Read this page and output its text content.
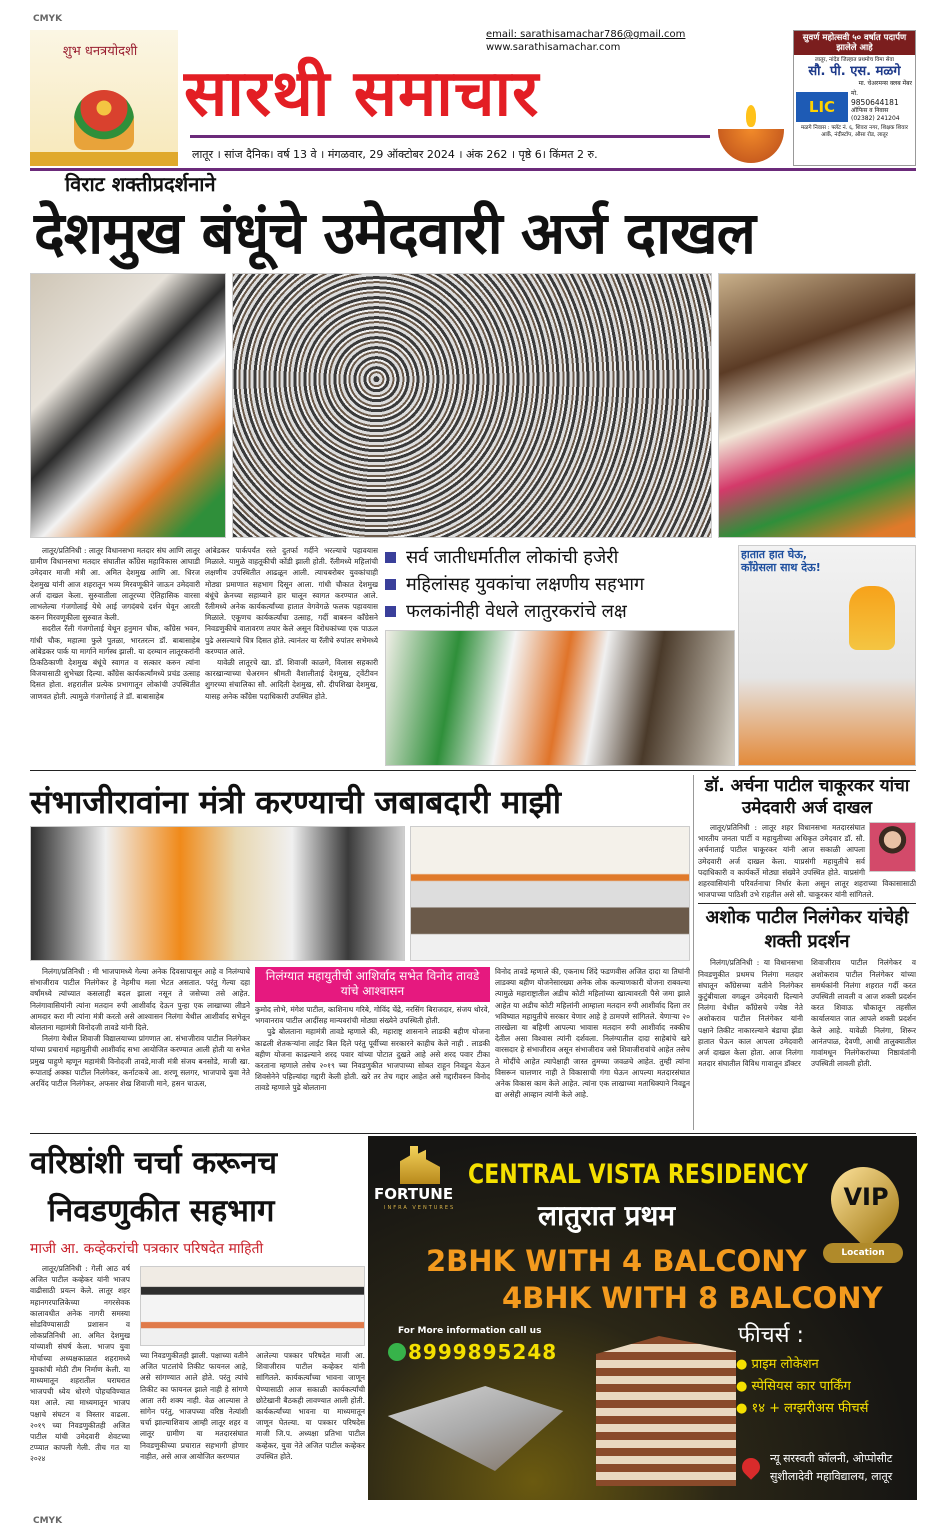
CMYK
CMYK
शुभ धनत्रयोदशी
email: sarathisamachar786@gmail.com
www.sarathisamachar.com
सारथी समाचार
लातूर । सांज दैनिक। वर्ष 13 वे । मंगळवार, 29 ऑक्टोबर 2024 । अंक 262 । पृष्ठे 6। किंमत 2 रु.
सुवर्ण महोत्सवी ५० वर्षात पदार्पण झालेले आहे
लातूर, नांदेड जिल्हात प्रथमोच विमा सेवा
सौ. पी. एस. मळगे
मा. चेअरमन्स क्लब मेंबर
LIC
मो.
9850644181
ऑफिस व निवास
(02382) 241204
मळगे निवास : फ्लॅट नं. ६, शिवरा नगर, शिक्षक शिवार आर्के, नंदीस्टॉप, औसा रोड, लातूर
विराट शक्तीप्रदर्शनाने
देशमुख बंधूंचे उमेदवारी अर्ज दाखल

लातूर/प्रतिनिधी : लातूर विधानसभा मतदार संघ आणि लातूर ग्रामीण विधानसभा मतदार संघातील कॉंग्रेस महाविकास आघाडी उमेदवार माजी मंत्री आ. अमित देशमुख आणि आ. धिरज देशमुख यांनी आज शहरातून भव्य मिरवणूकीने जाऊन उमेदवारी अर्ज दाखल केला. सुरुवातीला लातूरच्या ऐतिहासिक वारसा लाभलेल्या गंजगोलाई येथे आई जगदंबचे दर्शन घेवून आरती करुन मिरवणूकीला सुरुवात केली.

सदरील रॅली गंजगोलाई येथून हनुमान चौक, कॉंग्रेस भवन, गांधी चौक, महात्मा फुले पुतळा, भारतरत्न डॉ. बाबासाहेब आंबेडकर पार्क या मार्गाने मार्गस्थ झाली. या दरम्यान लातूरकरांनी ठिकठिकाणी देशमुख बंधूंचे स्वागत व सत्कार करुन त्यांना विजयासाठी शुभेच्छा दिल्या. कॉंग्रेस कार्यकर्त्यांमध्ये प्रचंड उत्साह दिसत होता. शहरातील प्रत्येक प्रभागातून लोकांची उपस्थितीत जाणवत होती. त्यामुळे गंजगोलाई ते डॉ. बाबासाहेब

आंबेडकर पार्कपर्यंत रस्ते दुतर्फा गर्दीने भरल्याचे पहावयास मिळाले. यामुळे वाहतूकीची कोंडी झाली होती. रॅलीमध्ये महिलांची लक्षणीय उपस्थितीत आढळून आली. त्याचबरोबर युवकांचाही मोठ्या प्रमाणात सहभाग दिसून आला. गांधी चौकात देशमुख बंधूंचे क्रेनच्या सहाय्याने हार घालून स्वागत करण्यात आले. रॅलीमध्ये अनेक कार्यकर्त्यांच्या हातात वेगवेगळे फलक पहावयास मिळाले. एकूणच कार्यकर्त्यांचा उत्साह, गर्दी बाबरुन कॉंग्रेसने निवडणुकीचे वातावरण तयार केले असून विरोधकांच्या एक पाऊल पुढे असल्याचे चित्र दिसत होते. त्यानंतर या रॅलीचे रुपांतर सभेमध्ये करण्यात आले.

यावेळी लातूरचे खा. डॉ. शिवाजी काळगे, विलास सहकारी कारखान्याच्या चेअरमन श्रीमती वैशालीताई देशमुख, ट्वेंटीवन शुगरच्या संचालिका सौ. आदिती देशमुख, सौ. दीपशिखा देशमुख, यासह अनेक कॉंग्रेस पदाधिकारी उपस्थित होते.

सर्व जातीधर्मातील लोकांची हजेरी
महिलांसह युवकांचा लक्षणीय सहभाग
फलकांनीही वेधले लातुरकरांचे लक्ष
हातात हात घेऊ, कॉंग्रेसला साथ देऊ!
संभाजीरावांना मंत्री करण्याची जबाबदारी माझी

निलंगा/प्रतिनिधी : मी भाजपामध्ये गेल्या अनेक दिवसापासून आहे व निलंग्याचे संभाजीराव पाटील निलंगेकर हे नेहमीच मला भेटत असतात. परंतु गेल्या दहा वर्षांमध्ये त्यांच्यात कसलाही बदल झाला नसून ते जसेच्या तसे आहेत. निलंगावासियांनी त्यांना मतदान रुपी आशीर्वाद देऊन पुन्हा एक लाखाच्या लीडने आमदार करा मी त्यांना मंत्री करतो असे आश्वासन निलंगा येथील आशीर्वाद सभेतून बोलताना महामंत्री विनोदजी तावडे यांनी दिले.

निलंगा येथील शिवाजी विद्यालयाच्या प्रांगणात आ. संभाजीराव पाटील निलंगेकर यांच्या प्रचारार्थ महायुतीची आशीर्वाद सभा आयोजित करण्यात आली होती या सभेत प्रमुख पाहुणे म्हणून महामंत्री विनोदजी तावडे,माजी मंत्री संजय बनसोडे, माजी खा. रूपाताई अक्का पाटील निलंगेकर, कर्नाटकचे आ. शरणू सलगर, भाजपाचे युवा नेते अरविंद पाटील निलंगेकर, अफसर शेख शिवाजी माने, हसन चाऊस,

निलंग्यात महायुतीची आशिर्वाद सभेत विनोद तावडे यांचे आश्वासन

कुमोद लोभे, मंगेश पाटील, काशिनाथ गरिबे, गोविंद चेंद्रे, नरसिंग बिराजदार, संजय थोरवे, भगवानराव पाटील आदींसह मान्यवरांची मोठ्या संख्येने उपस्थिती होती.

पुढे बोलताना महामंत्री तावडे म्हणाले की, महाराष्ट्र शासनाने लाडकी बहीण योजना काढली शेतकऱ्यांना लाईट बिल दिले परंतु पूर्वीच्या सरकारने काहीच केले नाही . लाडकी बहीण योजना काढल्याने शरद पवार यांच्या पोटात दुखते आहे असे शरद पवार टीका करताना म्हणाले तसेच २०१९ च्या निवडणुकीत भाजपाच्या सोबत राहून निवडून येऊन शिवसेनेने पहिल्यांदा गद्दारी केली होती. खरे तर तेच गद्दार आहेत असे गद्दारीवरुन विनोद तावडे म्हणाले पुढे बोलताना

विनोद तावडे म्हणाले की, एकनाथ शिंदे फडणवीस अजित दादा या तिघांनी लाडक्या बहीण योजनेसारख्या अनेक लोक कल्याणकारी योजना राबवल्या त्यामुळे महाराष्ट्रातील अडीच कोटी महिलांच्या खात्यावरती पैसे जमा झाले आहेत या अडीच कोटी महिलांनी आम्हाला मतदान रुपी आशीर्वाद दिला तर भविष्यात महायुतीचे सरकार येणार आहे हे ठामपणे सांगितले. येणाऱ्या २० तारखेला या बहिणी आपल्या भावास मतदान रुपी आशीर्वाद नक्कीच देतील असा विश्वास त्यांनी दर्शवला. निलंग्यातील दादा साहेबांचे खरे वारसदार हे संभाजीराव असून संभाजीराव जसे शिवाजीरावांचे आहेत तसेच ते मोदींचे आहेत त्यापेक्षाही जास्त तुमच्या जवळचे आहेत. तुम्ही त्यांना विसरून चालणार नाही ते विकासाची गंगा घेऊन आपल्या मतदारसंघात अनेक विकास काम केले आहेत. त्यांना एक लाखाच्या मताधिक्याने निवडून द्या असेही आव्हान त्यांनी केले आहे.

डॉ. अर्चना पाटील चाकूरकर यांचा उमेदवारी अर्ज दाखल

लातूर/प्रतिनिधी : लातूर शहर विधानसभा मतदारसंघात भारतीय जनता पार्टी व महायुतीच्या अधिकृत उमेदवार डॉ. सौ. अर्चनाताई पाटील चाकूरकर यांनी आज सकाळी आपला उमेदवारी अर्ज दाखल केला. याप्रसंगी महायुतीचे सर्व पदाधिकारी व कार्यकर्ते मोठ्या संख्येने उपस्थित होते. याप्रसंगी शहरवासियांनी परिवर्तनाचा निर्धार केला असून लातूर शहराच्या विकासासाठी भाजपाच्या पाठिशी उभे राहतील असे सौ. चाकूरकर यांनी सांगितले.

अशोक पाटील निलंगेकर यांचेही शक्ती प्रदर्शन

निलंगा/प्रतिनिधी : या विधानसभा निवडणुकीत प्रथमच निलंगा मतदार संघातून कॉंग्रेसच्या वतीने निलंगेकर कुटुंबीयाला वगळून उमेदवारी दिल्याने निलंगा येथील कॉंग्रेसचे ज्येष्ठ नेते अशोकराव पाटील निलंगेकर यांनी पक्षाने तिकीट नाकारल्याने बंडाचा झेंडा हातात घेऊन काल आपला उमेदवारी अर्ज दाखल केला होता. आज निलंगा मतदार संघातील विविध गावातून डॉक्टर

शिवाजीराव पाटील निलंगेकर व अशोकराव पाटील निलंगेकर यांच्या समर्थकांनी निलंगा शहरात गर्दी करत उपस्थिती लावली व आज शक्ती प्रदर्शन करत शिवाऊ चौकातून तहसील कार्यालयात जात आपले शक्ती प्रदर्शन केले आहे. यावेळी निलंगा, शिरूर आनंतपाळ, देवणी, आधी तालुक्यातील गावांमधून निलंगेकरांच्या निष्ठावंतांनी उपस्थिती लावली होती.

वरिष्ठांशी चर्चा करूनच
निवडणुकीत सहभाग
माजी आ. कव्हेकरांची पत्रकार परिषदेत माहिती

लातूर/प्रतिनिधी : गेली आठ वर्ष अजित पाटील कव्हेकर यांनी भाजप वाढीसाठी प्रयत्न केले. लातूर शहर महानगरपालिकेच्या नगरसेवक कालावधीत अनेक नागरी समस्या सोडविण्यासाठी प्रशासन व लोकप्रतिनिधी आ. अमित देशमुख यांच्याशी संघर्ष केला. भाजप युवा मोर्चाच्या अध्यक्षकाळात शहरामध्ये युवकांची मोठी टीम निर्माण केली. या माध्यमातून शहरातील घराघरात भाजपची ध्येय धोरणे पोहचविण्यात यश आले. त्या माध्यमातून भाजप पक्षाचे संघटन व विस्तार वाढला. २०१९ च्या निवडणुकीतही अजित पाटील यांची उमेदवारी शेवटच्या टप्प्यात कापली गेली. तीच गत या २०२४

च्या निवडणुकीतही झाली. पक्षाच्या वतीने अजित पाटलांचे तिकीट फायनल आहे, असे सांगण्यात आले होते. परंतु त्यांचे तिकीट का फायनल झाले नाही हे सांगणे आता तरी शक्य नाही. वेळ आल्यास ते सांगेन परंतु, भाजपच्या वरिष्ठ नेत्यांशी चर्चा झाल्याशिवाय आम्ही लातूर शहर व लातूर ग्रामीण या मतदारसंघात निवडणुकीच्या प्रचारात सहभागी होणार नाहीत, असे आज आयोजित करण्यात

आलेल्या पत्रकार परिषदेत माजी आ. शिवाजीराव पाटील कव्हेकर यांनी सांगितले. कार्यकर्त्यांच्या भावना जाणून घेण्यासाठी आज सकाळी कार्यकर्त्यांची छोटेखानी बैठकही लावण्यात आली होती. कार्यकर्त्यांच्या भावना या माध्यमातून जाणून घेतल्या. या पत्रकार परिषदेस माजी जि.प. अध्यक्षा प्रतिभा पाटील कव्हेकर, युवा नेते अजित पाटील कव्हेकर उपस्थित होते.

FORTUNE
INFRA VENTURES
CENTRAL VISTA RESIDENCY
लातुरात प्रथम
2BHK WITH 4 BALCONY
4BHK WITH 8 BALCONY
VIP
Location
For More information call us
8999895248
फीचर्स :
● प्राइम लोकेशन
● स्पेसियस कार पार्किंग
● १४ + लग्झरीअस फीचर्स
न्यू सरस्वती कॉलनी, ओप्पोसीट
सुशीलादेवी महाविद्यालय, लातूर
